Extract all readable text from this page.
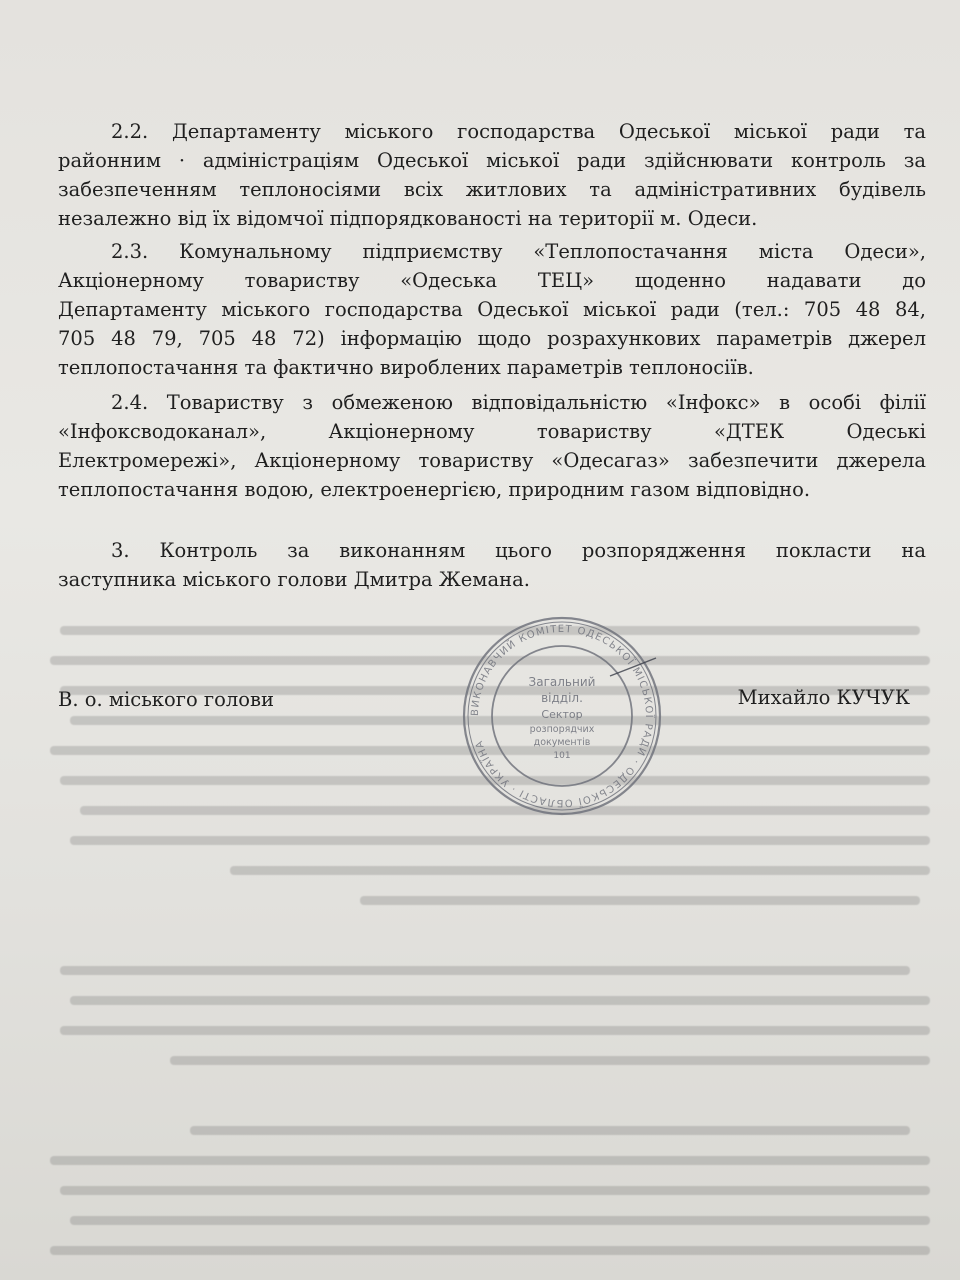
2.2. Департаменту міського господарства Одеської міської ради та
районним · адміністраціям Одеської міської ради здійснювати контроль за
забезпеченням теплоносіями всіх житлових та адміністративних будівель
незалежно від їх відомчої підпорядкованості на території м. Одеси.
2.3. Комунальному підприємству «Теплопостачання міста Одеси»,
Акціонерному товариству «Одеська ТЕЦ» щоденно надавати до
Департаменту міського господарства Одеської міської ради (тел.: 705 48 84,
705 48 79, 705 48 72) інформацію щодо розрахункових параметрів джерел
теплопостачання та фактично вироблених параметрів теплоносіїв.
2.4. Товариству з обмеженою відповідальністю «Інфокс» в особі філії
«Інфоксводоканал», Акціонерному товариству «ДТЕК Одеські
Електромережі», Акціонерному товариству «Одесагаз» забезпечити джерела
теплопостачання водою, електроенергією, природним газом відповідно.
3. Контроль за виконанням цього розпорядження покласти на
заступника міського голови Дмитра Жемана.
В. о. міського голови	Михайло КУЧУК
ВИКОНАВЧИЙ КОМІТЕТ ОДЕСЬКОЇ МІСЬКОЇ РАДИ · ОДЕСЬКОЇ ОБЛАСТІ · УКРАЇНА
Загальний
відділ.
Сектор
розпорядчих
документів
101
